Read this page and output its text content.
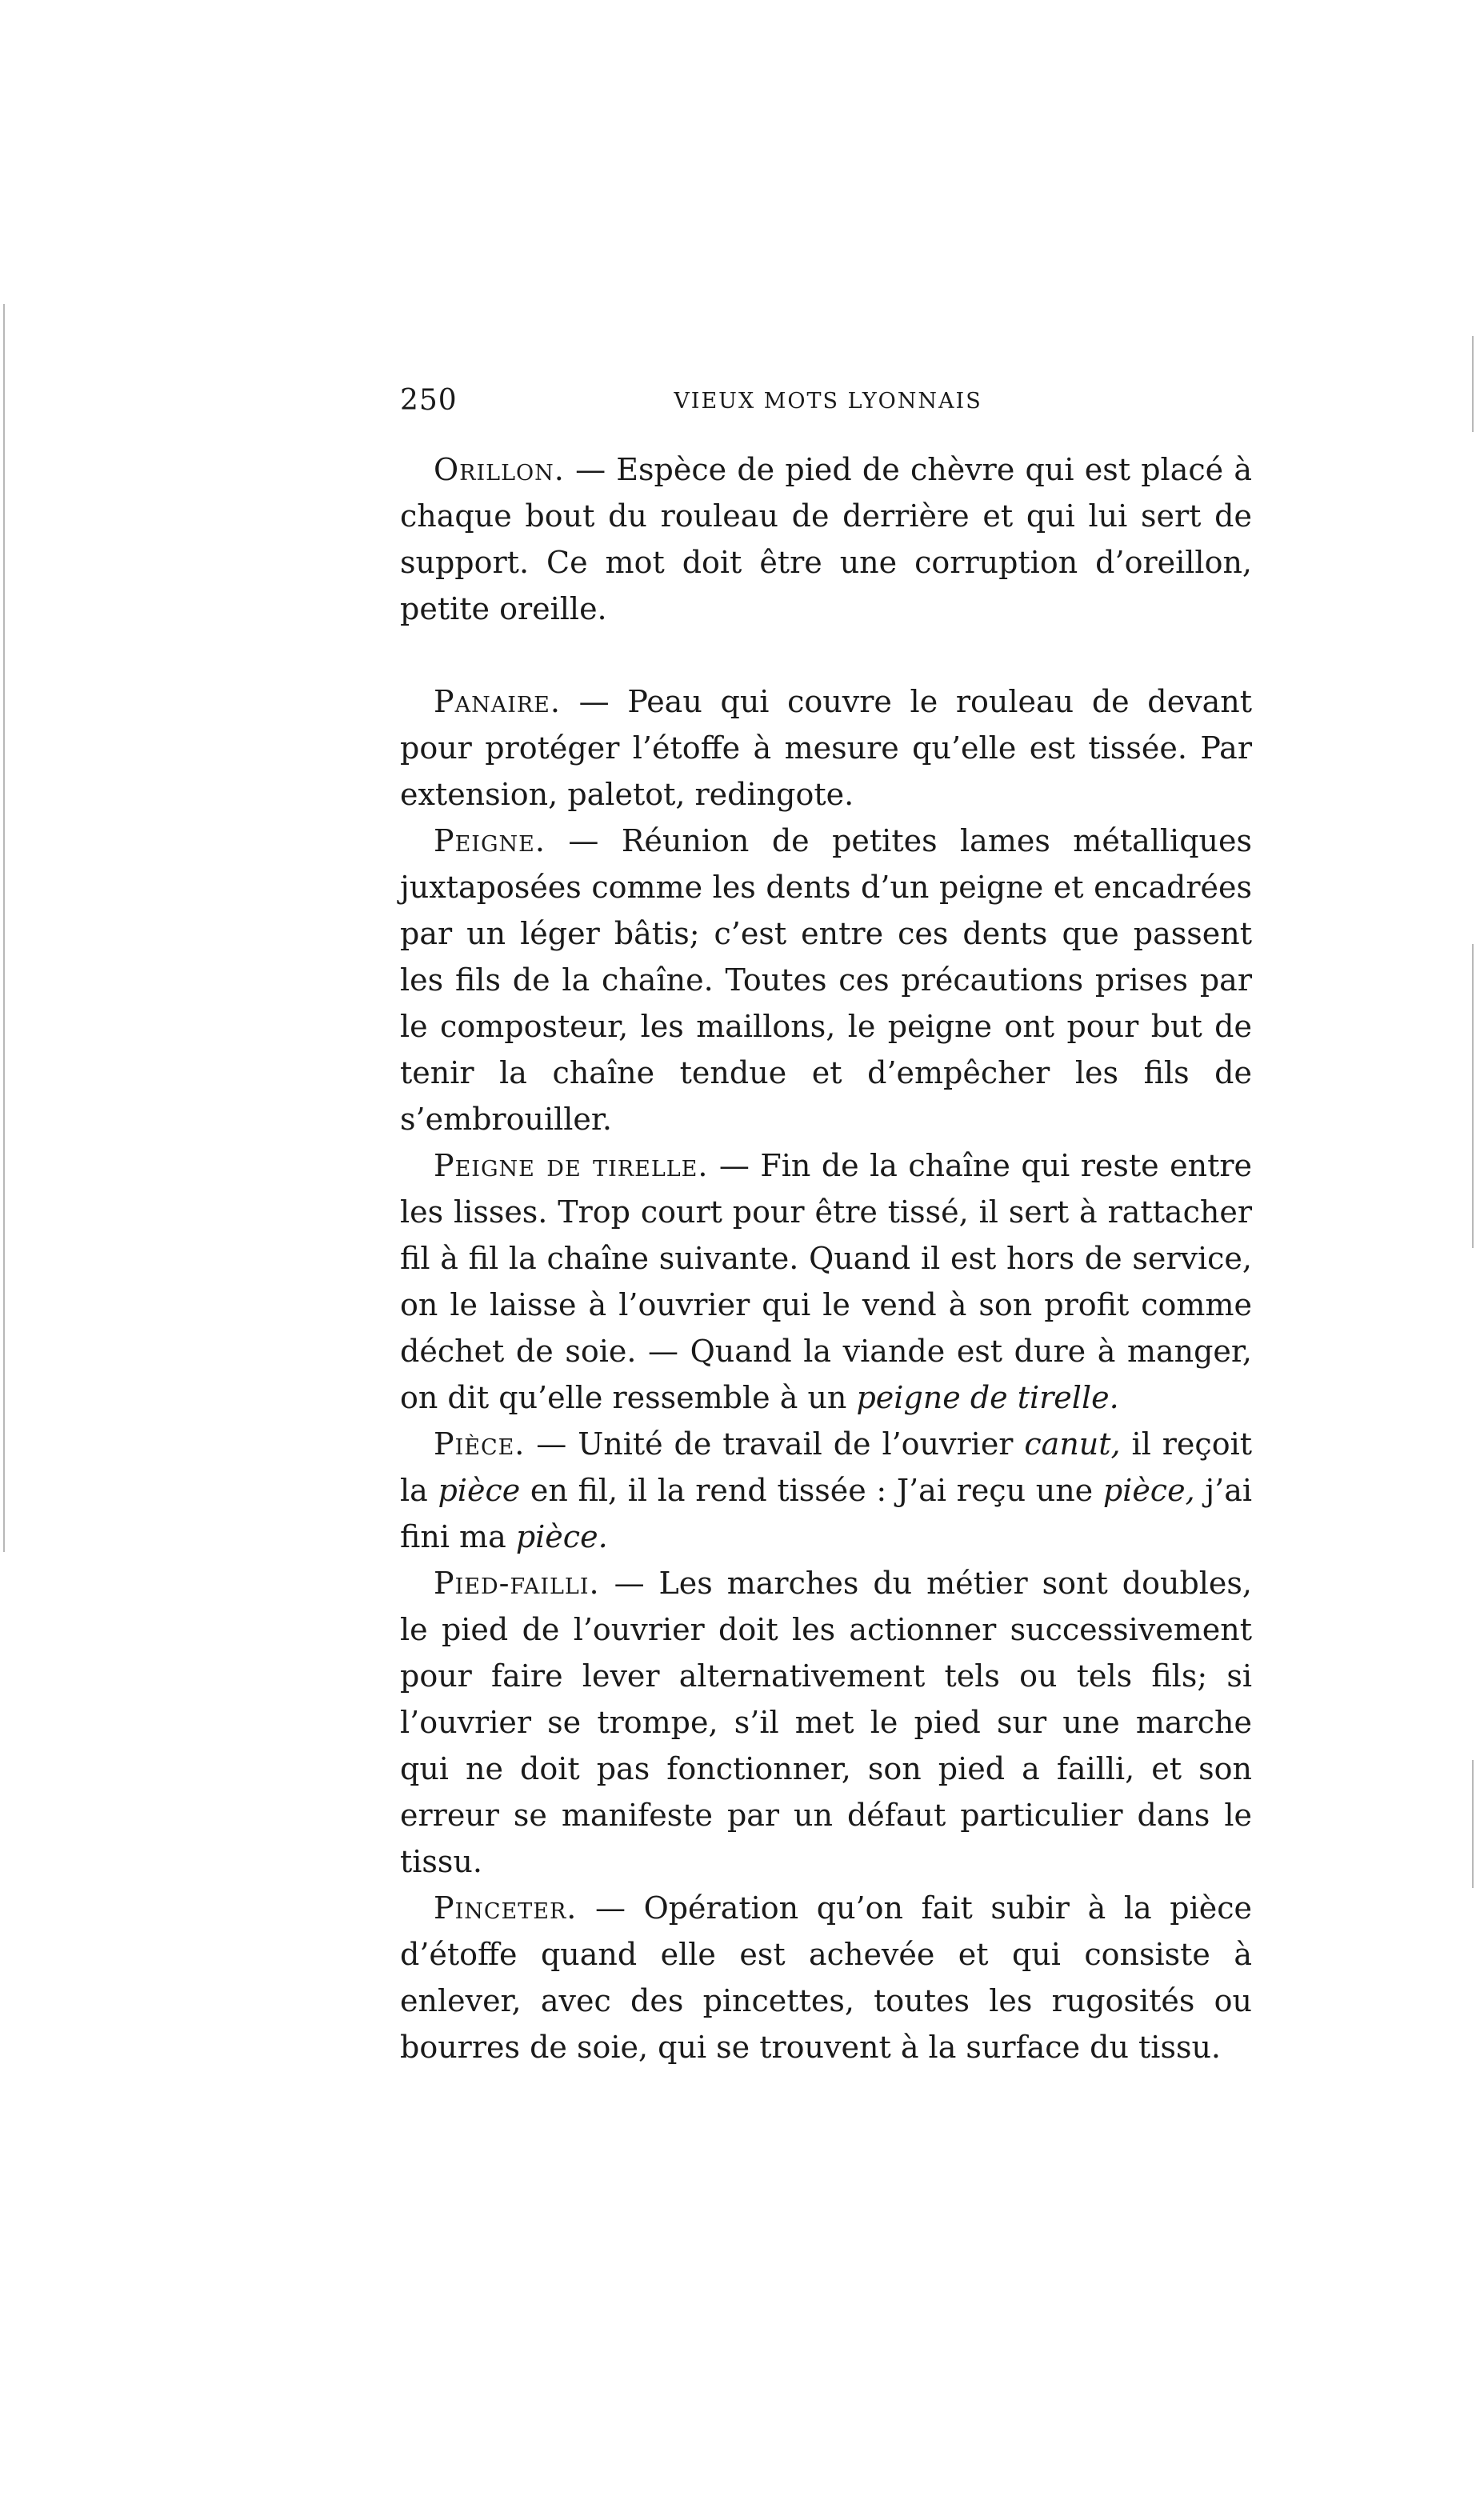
250	VIEUX MOTS LYONNAIS

Orillon. — Espèce de pied de chèvre qui est placé à chaque bout du rouleau de derrière et qui lui sert de support. Ce mot doit être une corruption d’oreillon, petite oreille.

Panaire. — Peau qui couvre le rouleau de devant pour protéger l’étoffe à mesure qu’elle est tissée. Par extension, paletot, redingote.

Peigne. — Réunion de petites lames métalliques juxtaposées comme les dents d’un peigne et encadrées par un léger bâtis; c’est entre ces dents que passent les fils de la chaîne. Toutes ces précautions prises par le composteur, les maillons, le peigne ont pour but de tenir la chaîne tendue et d’empêcher les fils de s’embrouiller.

Peigne de tirelle. — Fin de la chaîne qui reste entre les lisses. Trop court pour être tissé, il sert à rattacher fil à fil la chaîne suivante. Quand il est hors de service, on le laisse à l’ouvrier qui le vend à son profit comme déchet de soie. — Quand la viande est dure à manger, on dit qu’elle ressemble à un peigne de tirelle.

Pièce. — Unité de travail de l’ouvrier canut, il reçoit la pièce en fil, il la rend tissée : J’ai reçu une pièce, j’ai fini ma pièce.

Pied-failli. — Les marches du métier sont doubles, le pied de l’ouvrier doit les actionner successivement pour faire lever alternativement tels ou tels fils; si l’ouvrier se trompe, s’il met le pied sur une marche qui ne doit pas fonctionner, son pied a failli, et son erreur se manifeste par un défaut particulier dans le tissu.

Pinceter. — Opération qu’on fait subir à la pièce d’étoffe quand elle est achevée et qui consiste à enlever, avec des pincettes, toutes les rugosités ou bourres de soie, qui se trouvent à la surface du tissu.
